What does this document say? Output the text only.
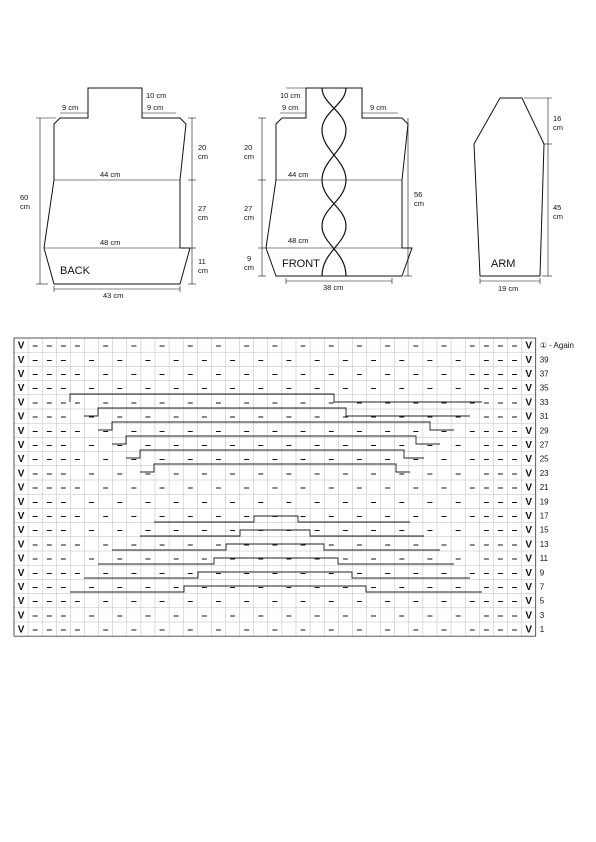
10 cm
9 cm	9 cm
44 cm
48 cm
43 cm
60
cm
20
cm
27
cm
11
cm
BACK
10 cm
9 cm	9 cm
44 cm
48 cm
38 cm
20
cm
27
cm
9
cm
56
cm
FRONT
16
cm
45
cm
19 cm
ARM
V – – – – – – – – – – – – – – – – – – – – – V
V – – – – – – – – – – – – – – – – – – – – V
V – – – – – – – – – – – – – – – – – – – – – V
V – – – – – – – – – – – – – – – – – – – – V
V – – – – – – – – – – – – – – – – – – – – – V
V – – – – – – – – – – – – – – – – – – – – V
V – – – – – – – – – – – – – – – – – – – – – V
V – – – – – – – – – – – – – – – – – – – – V
V – – – – – – – – – – – – – – – – – – – – – V
V – – – – – – – – – – – – – – – – – – – – V
V – – – – – – – – – – – – – – – – – – – – – V
V – – – – – – – – – – – – – – – – – – – – V
V – – – – – – – – – – – – – – – – – – – – – V
V – – – – – – – – – – – – – – – – – – – – V
V – – – – – – – – – – – – – – – – – – – – – V
V – – – – – – – – – – – – – – – – – – – – V
V – – – – – – – – – – – – – – – – – – – – – V
V – – – – – – – – – – – – – – – – – – – – V
V – – – – – – – – – – – – – – – – – – – – – V
V – – – – – – – – – – – – – – – – – – – – V
V – – – – – – – – – – – – – – – – – – – – – V
① - Again
39
37
35
33
31
29
27
25
23
21
19
17
15
13
11
9
7
5
3
1
